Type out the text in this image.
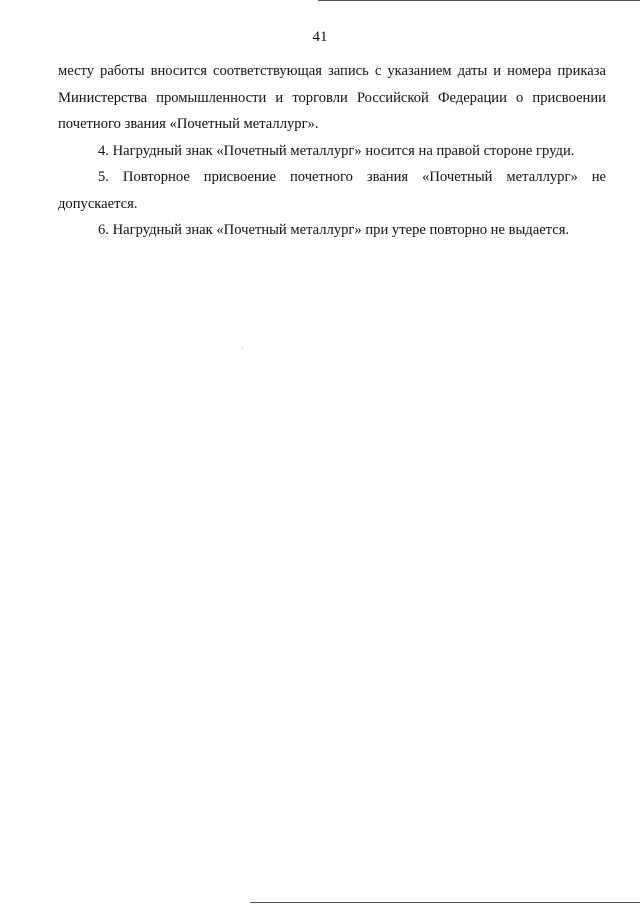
41

месту работы вносится соответствующая запись с указанием даты и номера приказа Министерства промышленности и торговли Российской Федерации о присвоении почетного звания «Почетный металлург».

4. Нагрудный знак «Почетный металлург» носится на правой стороне груди.

5. Повторное присвоение почетного звания «Почетный металлург» не допускается.

6. Нагрудный знак «Почетный металлург» при утере повторно не выдается.
